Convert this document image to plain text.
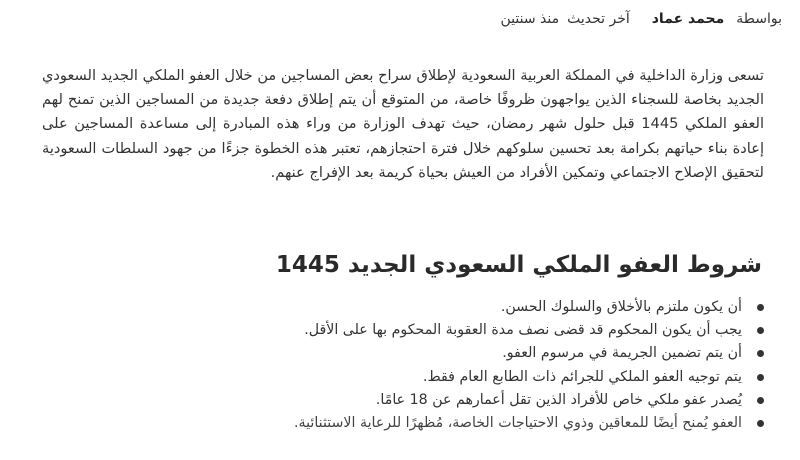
بواسطة
محمد عماد
آخر تحديث
منذ سنتين

تسعى وزارة الداخلية في المملكة العربية السعودية لإطلاق سراح بعض المساجين من خلال العفو الملكي الجديد السعودي الجديد بخاصة للسجناء الذين يواجهون ظروفًا خاصة، من المتوقع أن يتم إطلاق دفعة جديدة من المساجين الذين تمنح لهم العفو الملكي 1445 قبل حلول شهر رمضان، حيث تهدف الوزارة من وراء هذه المبادرة إلى مساعدة المساجين على إعادة بناء حياتهم بكرامة بعد تحسين سلوكهم خلال فترة احتجازهم، تعتبر هذه الخطوة جزءًا من جهود السلطات السعودية لتحقيق الإصلاح الاجتماعي وتمكين الأفراد من العيش بحياة كريمة بعد الإفراج عنهم.

شروط العفو الملكي السعودي الجديد 1445
أن يكون ملتزم بالأخلاق والسلوك الحسن.
يجب أن يكون المحكوم قد قضى نصف مدة العقوبة المحكوم بها على الأقل.
أن يتم تضمين الجريمة في مرسوم العفو.
يتم توجيه العفو الملكي للجرائم ذات الطابع العام فقط.
يُصدر عفو ملكي خاص للأفراد الذين تقل أعمارهم عن 18 عامًا.
العفو يُمنح أيضًا للمعاقين وذوي الاحتياجات الخاصة، مُظهرًا للرعاية الاستثنائية.
